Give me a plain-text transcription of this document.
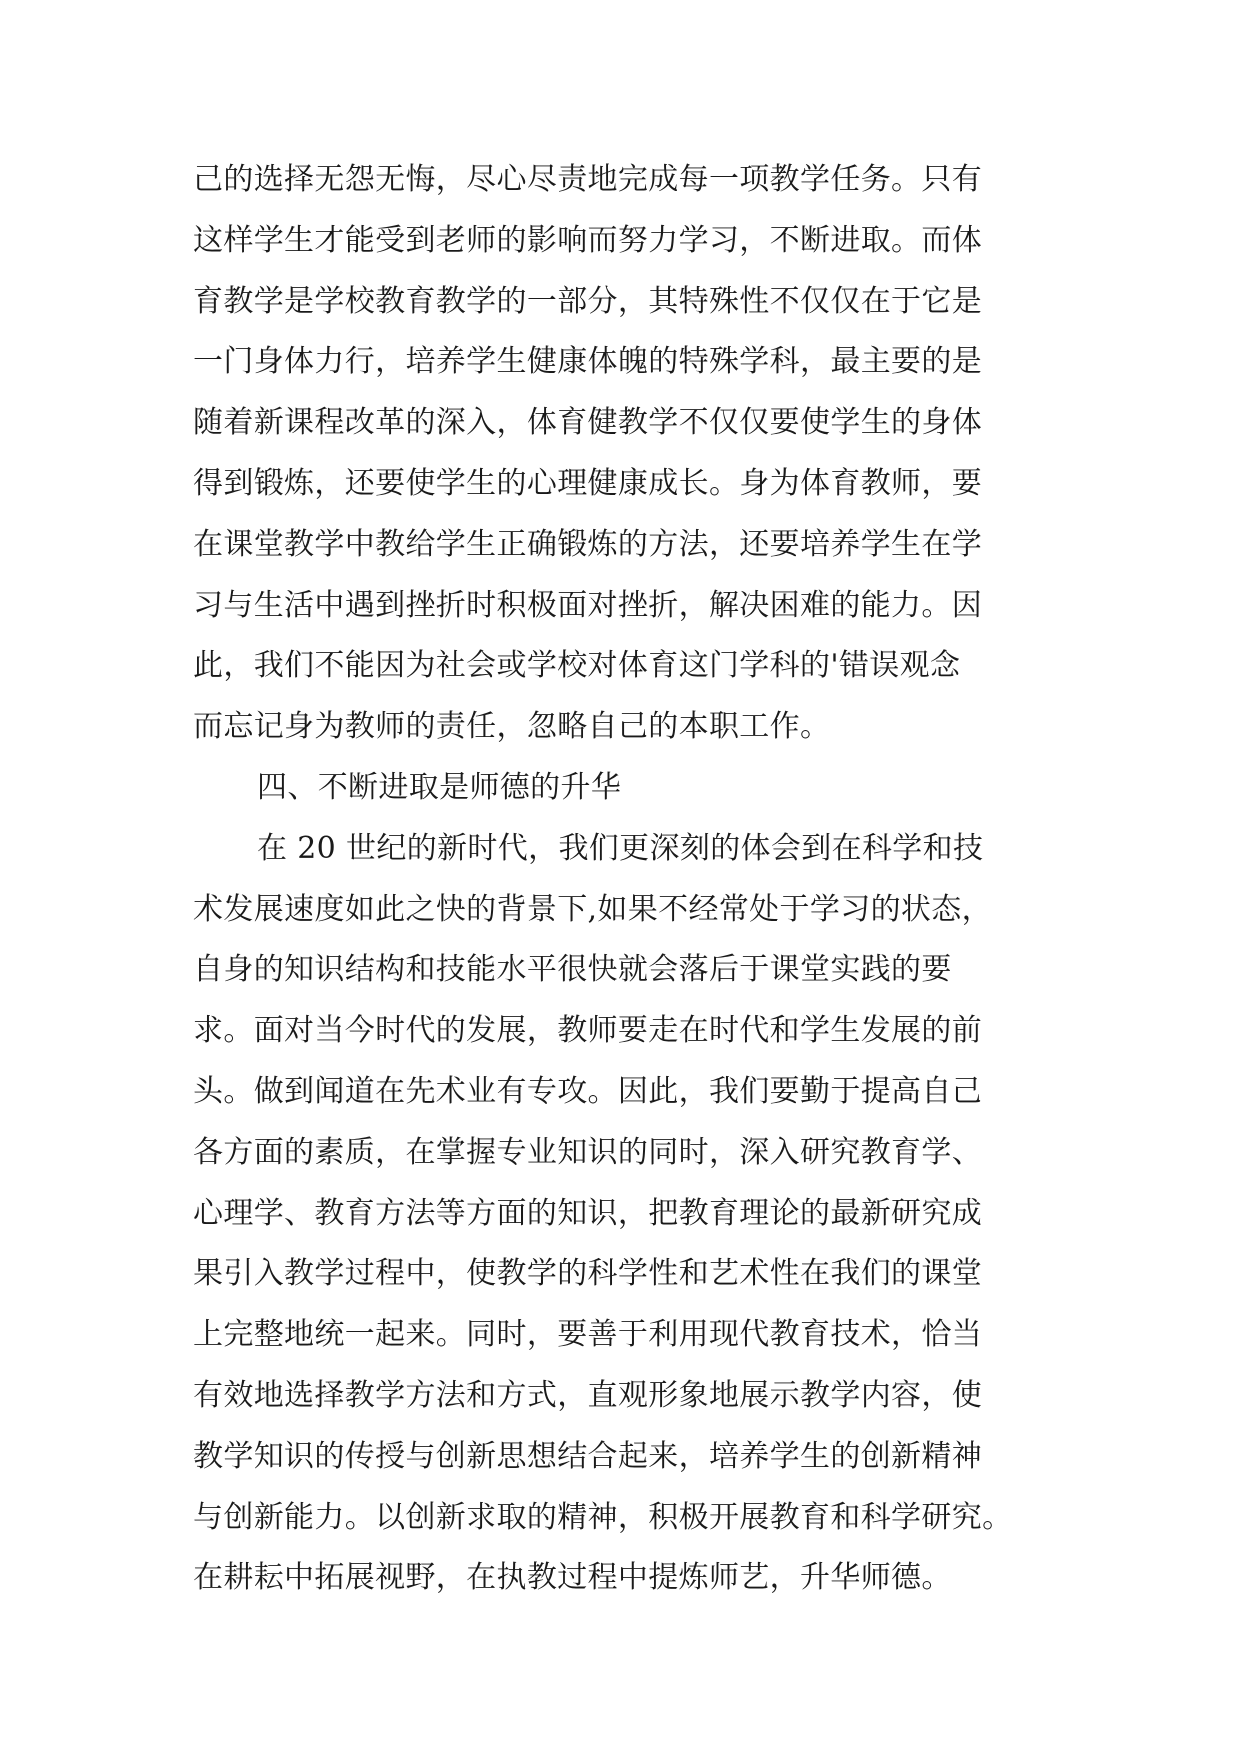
己的选择无怨无悔，尽心尽责地完成每一项教学任务。只有
这样学生才能受到老师的影响而努力学习，不断进取。而体
育教学是学校教育教学的一部分，其特殊性不仅仅在于它是
一门身体力行，培养学生健康体魄的特殊学科，最主要的是
随着新课程改革的深入，体育健教学不仅仅要使学生的身体
得到锻炼，还要使学生的心理健康成长。身为体育教师，要
在课堂教学中教给学生正确锻炼的方法，还要培养学生在学
习与生活中遇到挫折时积极面对挫折，解决困难的能力。因
此，我们不能因为社会或学校对体育这门学科的'错误观念
而忘记身为教师的责任，忽略自己的本职工作。
四、不断进取是师德的升华
在 20 世纪的新时代，我们更深刻的体会到在科学和技
术发展速度如此之快的背景下,如果不经常处于学习的状态，
自身的知识结构和技能水平很快就会落后于课堂实践的要
求。面对当今时代的发展，教师要走在时代和学生发展的前
头。做到闻道在先术业有专攻。因此，我们要勤于提高自己
各方面的素质，在掌握专业知识的同时，深入研究教育学、
心理学、教育方法等方面的知识，把教育理论的最新研究成
果引入教学过程中，使教学的科学性和艺术性在我们的课堂
上完整地统一起来。同时，要善于利用现代教育技术，恰当
有效地选择教学方法和方式，直观形象地展示教学内容，使
教学知识的传授与创新思想结合起来，培养学生的创新精神
与创新能力。以创新求取的精神，积极开展教育和科学研究。
在耕耘中拓展视野，在执教过程中提炼师艺，升华师德。
